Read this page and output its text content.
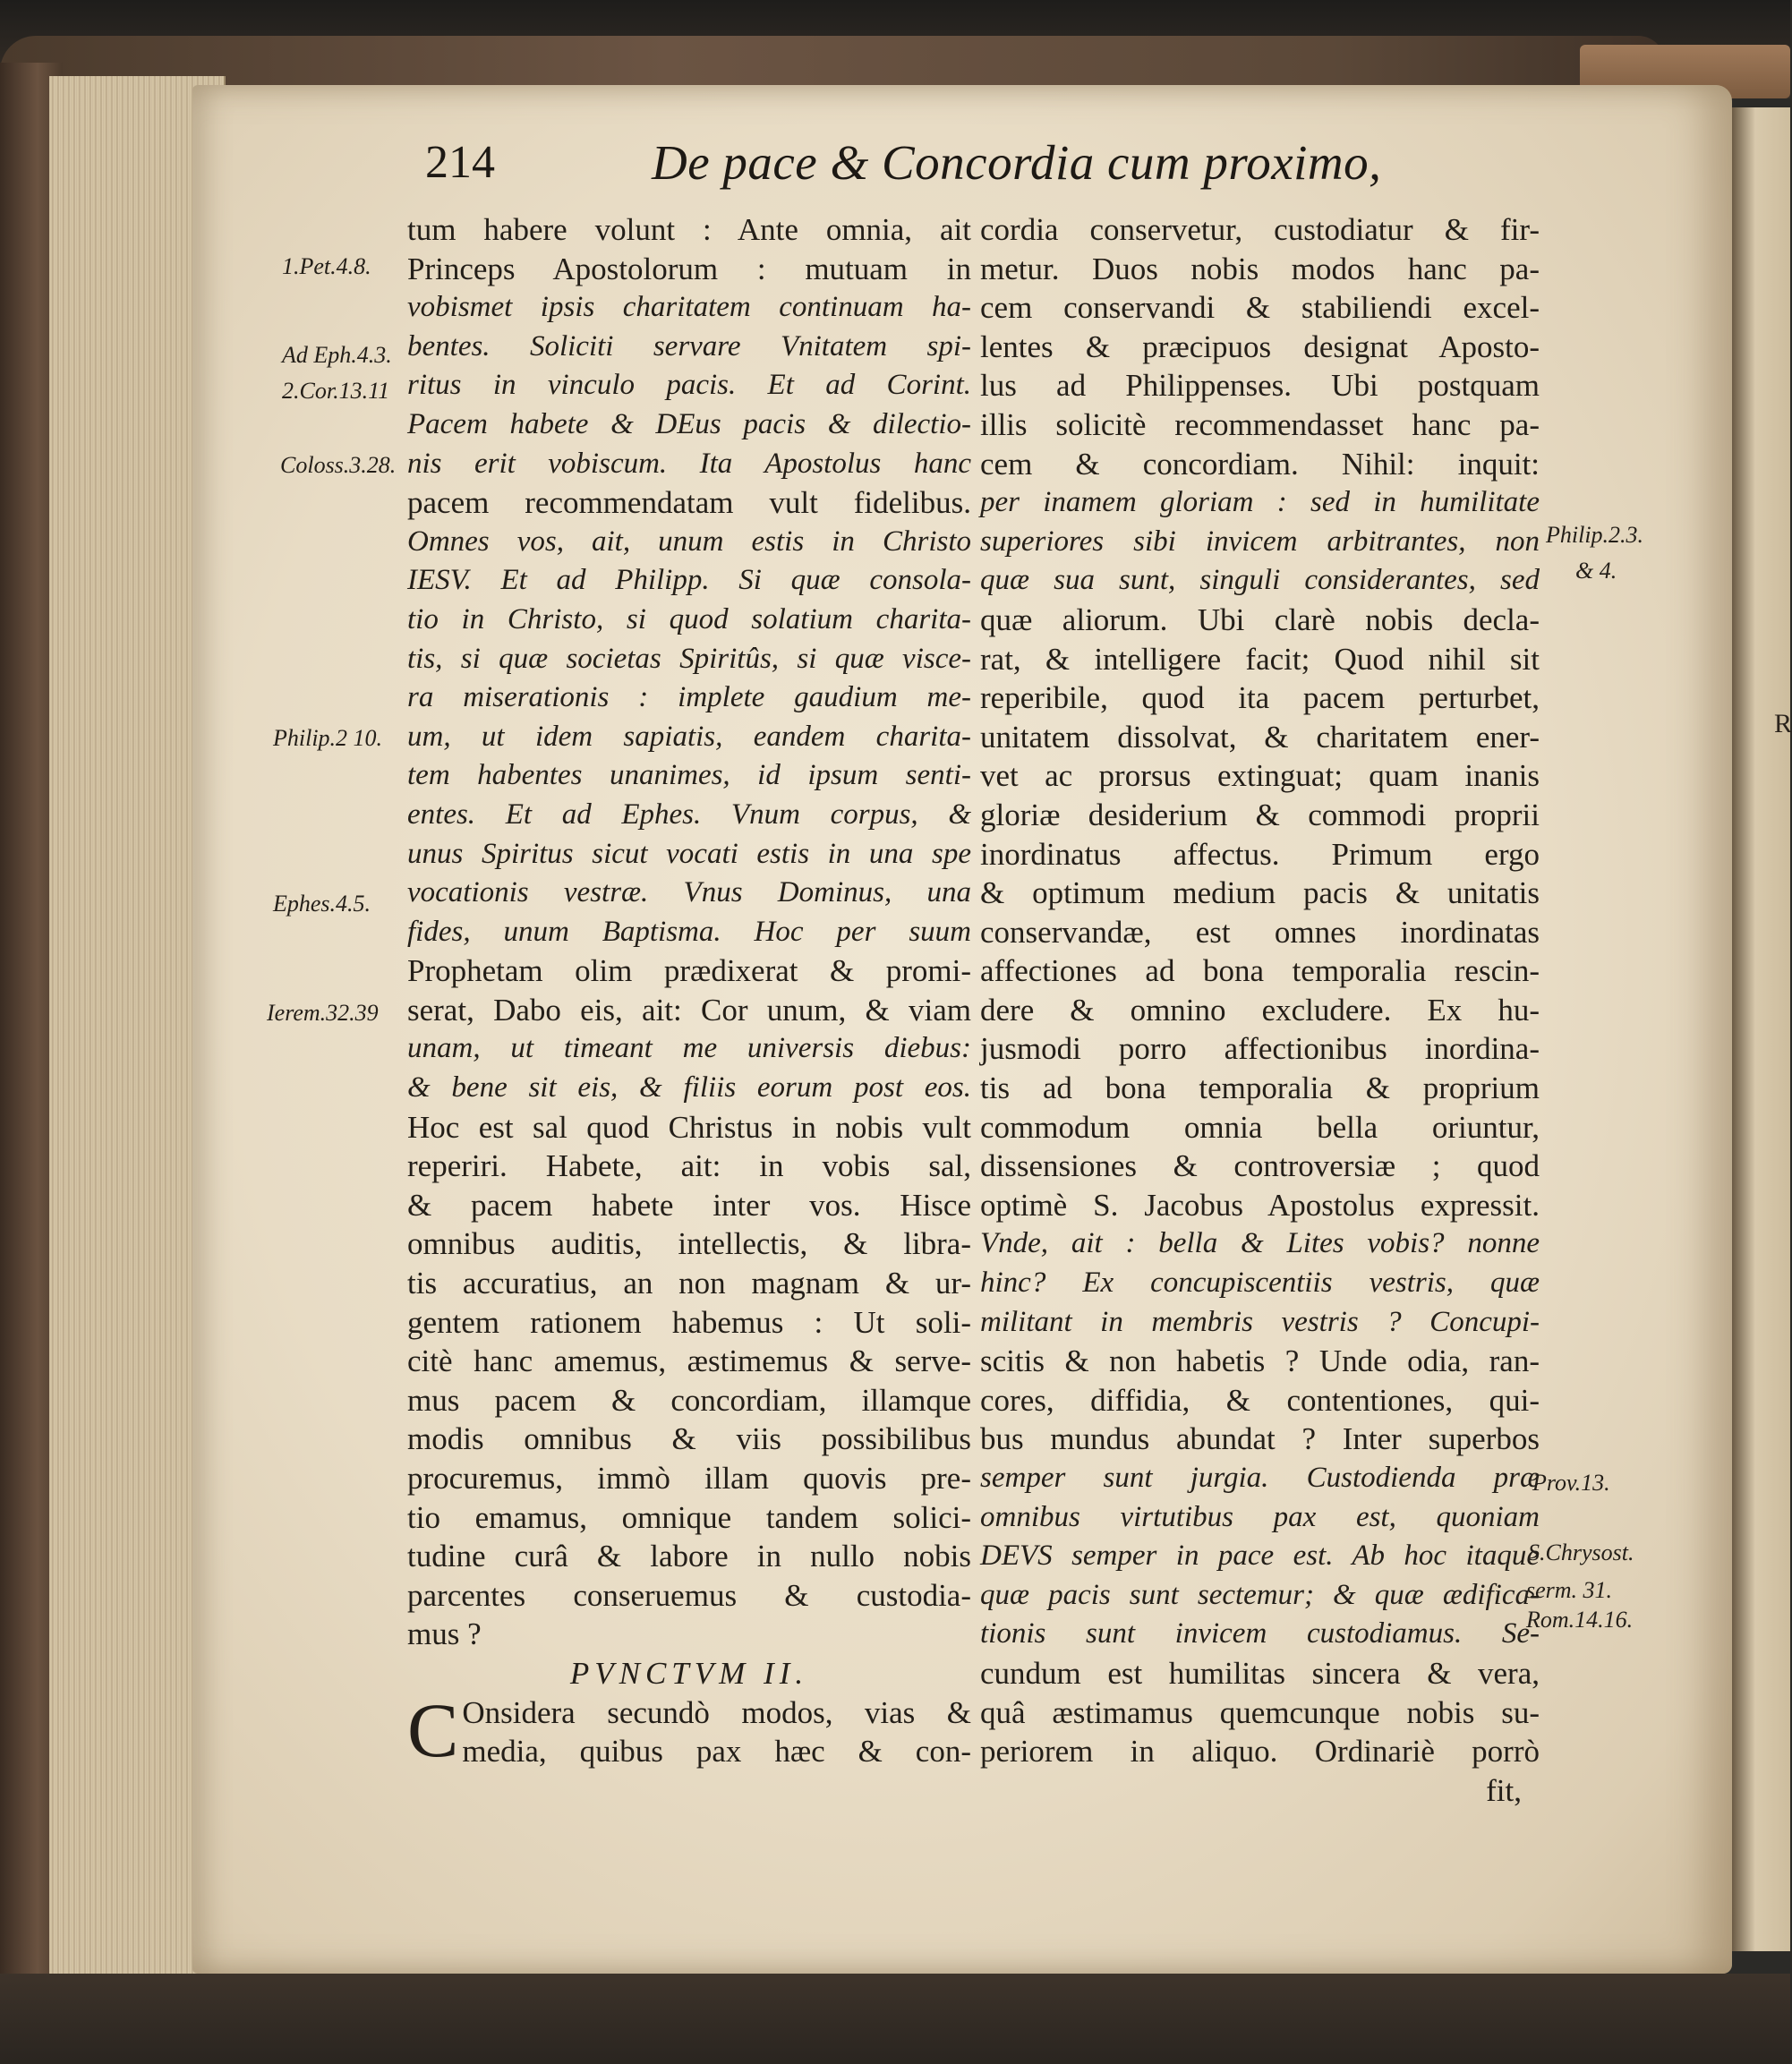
R
214	De pace & Concordia cum proximo,
1.Pet.4.8.
Ad Eph.4.3.
2.Cor.13.11
Coloss.3.28.
Philip.2 10.
Ephes.4.5.
Ierem.32.39
Philip.2.3.
& 4.
Prov.13.
S.Chrysost.
serm. 31.
Rom.14.16.
tum habere volunt : Ante omnia, ait
Princeps Apostolorum : mutuam in
vobismet ipsis charitatem continuam ha-
bentes. Soliciti servare Vnitatem spi-
ritus in vinculo pacis. Et ad Corint.
Pacem habete & DEus pacis & dilectio-
nis erit vobiscum. Ita Apostolus hanc
pacem recommendatam vult fidelibus.
Omnes vos, ait, unum estis in Christo
IESV. Et ad Philipp. Si quæ consola-
tio in Christo, si quod solatium charita-
tis, si quæ societas Spiritûs, si quæ visce-
ra miserationis : implete gaudium me-
um, ut idem sapiatis, eandem charita-
tem habentes unanimes, id ipsum senti-
entes. Et ad Ephes. Vnum corpus, &
unus Spiritus sicut vocati estis in una spe
vocationis vestræ. Vnus Dominus, una
fides, unum Baptisma. Hoc per suum
Prophetam olim prædixerat & promi-
serat, Dabo eis, ait: Cor unum, & viam
unam, ut timeant me universis diebus:
& bene sit eis, & filiis eorum post eos.
Hoc est sal quod Christus in nobis vult
reperiri. Habete, ait: in vobis sal,
& pacem habete inter vos. Hisce
omnibus auditis, intellectis, & libra-
tis accuratius, an non magnam & ur-
gentem rationem habemus : Ut soli-
citè hanc amemus, æstimemus & serve-
mus pacem & concordiam, illamque
modis omnibus & viis possibilibus
procuremus, immò illam quovis pre-
tio emamus, omnique tandem solici-
tudine curâ & labore in nullo nobis
parcentes conseruemus & custodia-
mus ?
PVNCTVM II.
C Onsidera secundò modos, vias &
media, quibus pax hæc & con-
cordia conservetur, custodiatur & fir-
metur. Duos nobis modos hanc pa-
cem conservandi & stabiliendi excel-
lentes & præcipuos designat Aposto-
lus ad Philippenses. Ubi postquam
illis solicitè recommendasset hanc pa-
cem & concordiam. Nihil: inquit:
per inamem gloriam : sed in humilitate
superiores sibi invicem arbitrantes, non
quæ sua sunt, singuli considerantes, sed
quæ aliorum. Ubi clarè nobis decla-
rat, & intelligere facit; Quod nihil sit
reperibile, quod ita pacem perturbet,
unitatem dissolvat, & charitatem ener-
vet ac prorsus extinguat; quam inanis
gloriæ desiderium & commodi proprii
inordinatus affectus. Primum ergo
& optimum medium pacis & unitatis
conservandæ, est omnes inordinatas
affectiones ad bona temporalia rescin-
dere & omnino excludere. Ex hu-
jusmodi porro affectionibus inordina-
tis ad bona temporalia & proprium
commodum omnia bella oriuntur,
dissensiones & controversiæ ; quod
optimè S. Jacobus Apostolus expressit.
Vnde, ait : bella & Lites vobis? nonne
hinc? Ex concupiscentiis vestris, quæ
militant in membris vestris ? Concupi-
scitis & non habetis ? Unde odia, ran-
cores, diffidia, & contentiones, qui-
bus mundus abundat ? Inter superbos
semper sunt jurgia. Custodienda præ
omnibus virtutibus pax est, quoniam
DEVS semper in pace est. Ab hoc itaque
quæ pacis sunt sectemur; & quæ ædifica-
tionis sunt invicem custodiamus. Se-
cundum est humilitas sincera & vera,
quâ æstimamus quemcunque nobis su-
periorem in aliquo. Ordinariè porrò
fit,
